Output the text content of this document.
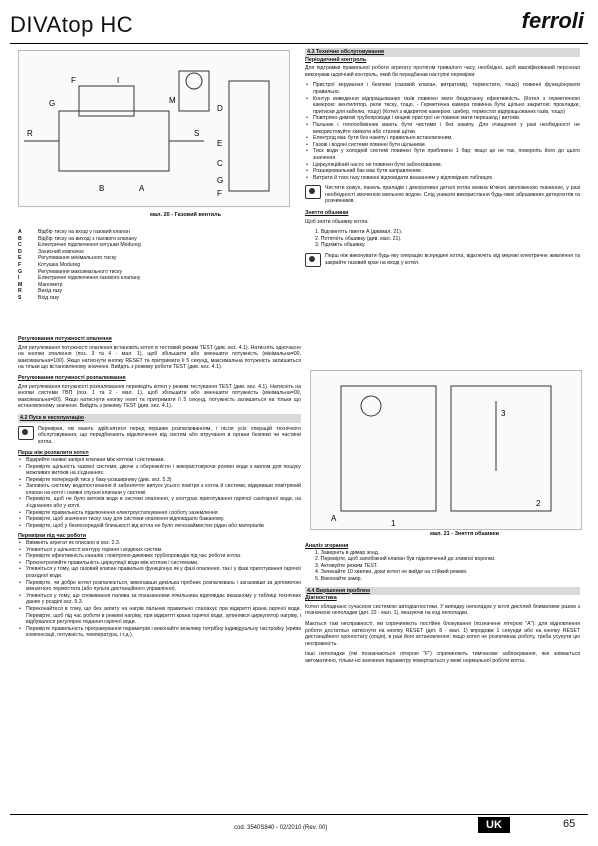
DIVAtop HC	ferroli
R	S
F	I
M
G
B	A
D
E
C
G
F
мал. 20 - Газовий вентиль
A	Відбір тиску на вході у газовий клапан
B	Відбір тиску на виході з газового клапану
C	Електричне підключення котушки Modureg
D	Захисний ковпачок
E	Регулювання мінімального тиску
F	Котушка Modureg
G	Регулювання максимального тиску
I	Електричне підключення газового клапану
M	Манометр
R	Вихід газу
S	Вхід газу
Регулювання потужності опалення
Для регулювання потужності опалення встановіть котел в тестовий режим TEST (див. sez. 4.1). Натисніть одночасно на кнопки опалення (поз. 3 та 4 - мал. 1), щоб збільшити або зменшити потужність (мінімальна=00, максимальна=100). Якщо натиснути кнопку RESET та притримати її 5 секунд, максимальна потужність залишиться на тільки що встановленому значенні. Вийдіть з режиму роботи TEST (див. sez. 4.1).
Регулювання потужності розпалювання
Для регулювання потужності розпалювання переведіть котел у режим тестування TEST (див. sez. 4.1). Натисніть на кнопки системи ГВП (поз. 1 та 2 - мал. 1), щоб збільшити або зменшити потужність (мінімальна=00, максимальна=60). Якщо натиснути кнопку reset та притримати її 5 секунд, потужність залишиться на тільки що встановленому значенні. Вийдіть з режиму TEST (див. sez. 4.1).
4.2 Пуск в експлуатацію
Перевірки, які мають здійснятися перед першим розпалюванням, і після усіх операцій технічного обслуговування, що передбачають відключення від систем або втручання в органи безпеки чи частини котла.
Перш ніж розпалити котел
• Відкрийте наявні запірні клапани між котлом і системами.
• Перевірте щільність газової системи, діючи з обережністю і використовуючи розчин води з милом для пошуку можливих витоків на з'єднаннях.
• Перевірте попередній тиск у баку-розширнику (див. sez. 5.3)
• Заповніть систему водопостачання й забезпечте випуск усього повітря з котла й системи, відкривши повітряний клапан на котлі і наявні спускні клапани у системі.
• Перевірте, щоб не було витоків води в системі опалення, у контурах приготування гарячої санітарної води, на з'єднаннях або у котлі.
• Перевірте правильність підключення електроустаткування і роботу заземлення
• Перевірте, щоб значення тиску газу для системи опалення відповідало бажаному.
• Перевірте, щоб у безпосередній близькості від котла не було легкозаймистих рідин або матеріалів
Перевірки під час роботи
• Ввімкніть агрегат як описано в sez. 2.3.
• Упевніться у щільності контуру горіння і водяних систем.
• Перевірте ефективність каналів і повітряно-димових трубопроводів під час роботи котла.
• Проконтролюйте правильність циркуляції води між котлом і системами.
• Упевніться у тому, що газовий клапан правильно функціонує як у фазі опалення, так і у фазі приготування гарячої розхідної води.
• Перевірте, чи добре котел розпалюється, виконавши декілька пробних розпалювань і загасивши за допомогою кімнатного термостата (або пульта дистанційного управління).
• Упевніться у тому, що споживання палива за показаннями лічильника відповідає вказаному у таблиці технічних даних у розділі sez. 5.3.
• Переконайтеся в тому, що без запиту на нагрів пальник правильно спалахує при відкритті крана гарячої води. Перевірте, щоб під час роботи в режимі нагріву, при відкритті крана гарячої води, зупинявся циркулятор нагріву, і відбувалося регулярне подання гарячої води.
• Перевірте правильність програмування параметрів і виконайте можливу потрібну індивідуальну настройку (крива компенсації, потужність, температура, і т.д.).
4.3 Технічне обслуговування
Періодичний контроль
Для підтримки правильної роботи агрегату протягом тривалого часу, необхідно, щоб кваліфікований персонал виконував щорічний контроль, який би передбачав наступні перевірки:
• Пристрої керування і безпеки (газовий клапан, витратомір, термостати, тощо) повинні функціонувати правильно.
• Контур виведення відпрацьованих газів повинен мати бездоганну ефективність. (Котел з герметичною камерою: вентилятор, реле тиску, тощо. - Герметична камера повинна бути щільно закритою: прокладки, притиски для кабелю, тощо) (Котел з відкритою камерою: шибер, термостат відпрацьованих газів, тощо)
• Повітряно-димові трубопроводи і кінцеві пристрої не повинні мати перешкод і витоків.
• Пальник і теплообмінник мають бути чистими і без накипу. Для очищення у разі необхідності не використовуйте хімікати або сталеві щітки.
• Електрод має бути без накипу і правильно встановленим.
• Газові і водяні системи повинні бути щільними.
• Тиск води у холодній системі повинен бути приблизно 1 бар; якщо це не так, поверніть його до цього значення.
• Циркуляційний насос не повинен бути заблокованим.
• Розширювальний бак має бути заправленим.
• Витрати й тиск газу повинні відповідати вказанням у відповідних таблицях.
Чистити кожух, панель приладів і декоративні деталі котла можна м'якою зволоженою тканиною, у разі необхідності змоченою мильною водою. Слід уникати використання будь-яких абразивних детергентів та розчинників.
Зняття обшивки
Щоб зняти обшивку котла:
1. Відгвинтіть гвинти A (дивмал. 21).
2. Потягніть обшивку (див. мал. 21).
3. Підніміть обшивку.
Перш ніж виконувати будь-яку операцію всередині котла, відключіть від мережі електричне живлення та закрийте газовий кран на вході у котел.
3
2
1
A
мал. 21 - Зняття обшивки
Аналіз згорання
1. Заверніть в димар зонд.
2. Перевірте, щоб запобіжний клапан був підключений до зливної воронки.
3. Активуйте режим TEST.
4. Зачекайте 10 хвилин, доки котел не вийде на стійкий режим.
5. Виконайте замір.
4.4 Вирішення проблем
Діагностика
Котел обладнано сучасною системою автодіагностики. У випадку неполадок у котлі дисплей блиматиме разом з позначкою неполадки (дет. 22 - мал. 1), вказуючи на код неполадки.
Маються такі несправності, які спричиняють постійне блокування (позначене літерою "A"): для відновлення роботи достатньо натиснути на кнопку RESET (дет. 8 - мал. 1) впродовж 1 секунди або на кнопку RESET дистанційного хроностату (опція), в разі його встановлення; якщо котел не розпочинає роботу, треба усунути цю несправність.
Інші неполадки (які позначаються літерою "F") спричиняють тимчасове заблокування, яке знімається автоматично, тільки-но значення параметру повертається у межі нормальної роботи котла.
cod. 3540S840 - 02/2010 (Rev. 00)	UK	65
